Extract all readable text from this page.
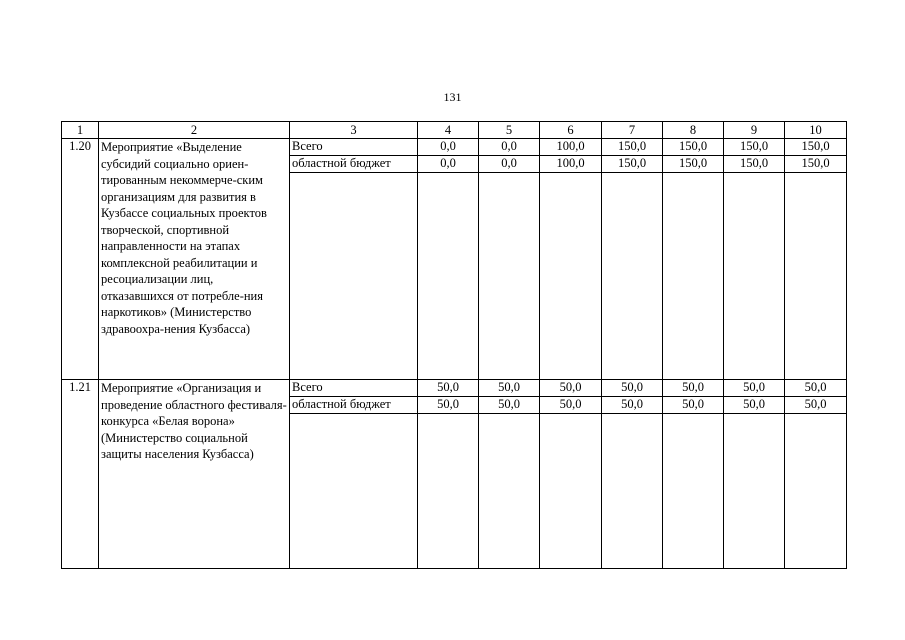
131
1	2	3	4	5	6	7	8	9	10
1.20	Мероприятие «Выделение субсидий социально ориен-тированным некоммерче-ским организациям для развития в Кузбассе социальных проектов творческой, спортивной направленности на этапах комплексной реабилитации и ресоциализации лиц, отказавшихся от потребле-ния наркотиков» (Министерство здравоохра-нения Кузбасса)	Всего	0,0	0,0	100,0	150,0	150,0	150,0	150,0
		областной бюджет	0,0	0,0	100,0	150,0	150,0	150,0	150,0

1.21	Мероприятие «Организация и проведение областного фестиваля-конкурса «Белая ворона» (Министерство социальной защиты населения Кузбасса)	Всего	50,0	50,0	50,0	50,0	50,0	50,0	50,0
		областной бюджет	50,0	50,0	50,0	50,0	50,0	50,0	50,0
